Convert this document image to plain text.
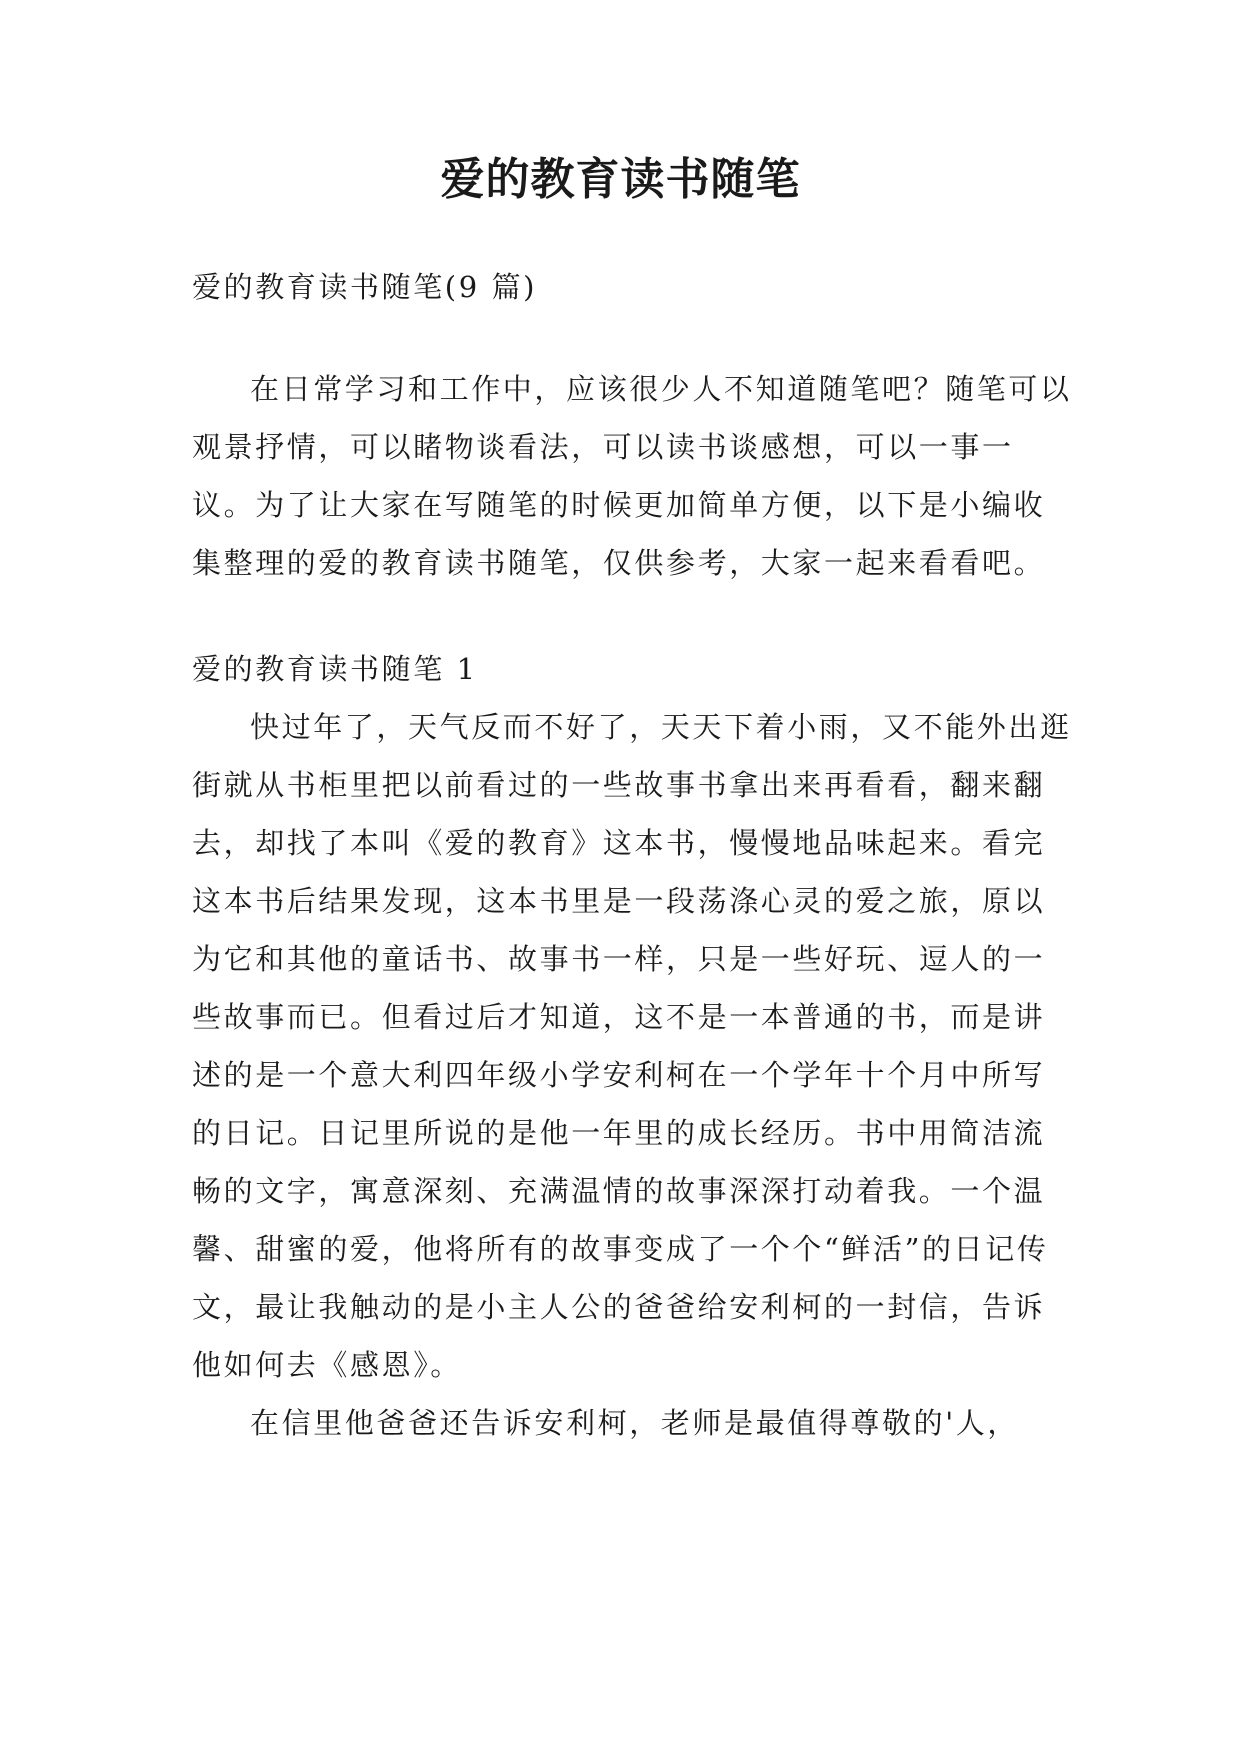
爱的教育读书随笔
爱的教育读书随笔(9 篇)

在日常学习和工作中，应该很少人不知道随笔吧？随笔可以观景抒情，可以睹物谈看法，可以读书谈感想，可以一事一议。为了让大家在写随笔的时候更加简单方便，以下是小编收集整理的爱的教育读书随笔，仅供参考，大家一起来看看吧。

爱的教育读书随笔 1

快过年了，天气反而不好了，天天下着小雨，又不能外出逛街就从书柜里把以前看过的一些故事书拿出来再看看，翻来翻去，却找了本叫《爱的教育》这本书，慢慢地品味起来。看完这本书后结果发现，这本书里是一段荡涤心灵的爱之旅，原以为它和其他的童话书、故事书一样，只是一些好玩、逗人的一些故事而已。但看过后才知道，这不是一本普通的书，而是讲述的是一个意大利四年级小学安利柯在一个学年十个月中所写的日记。日记里所说的是他一年里的成长经历。书中用简洁流畅的文字，寓意深刻、充满温情的故事深深打动着我。一个温馨、甜蜜的爱，他将所有的故事变成了一个个“鲜活”的日记传文，最让我触动的是小主人公的爸爸给安利柯的一封信，告诉他如何去《感恩》。

在信里他爸爸还告诉安利柯，老师是最值得尊敬的'人，
